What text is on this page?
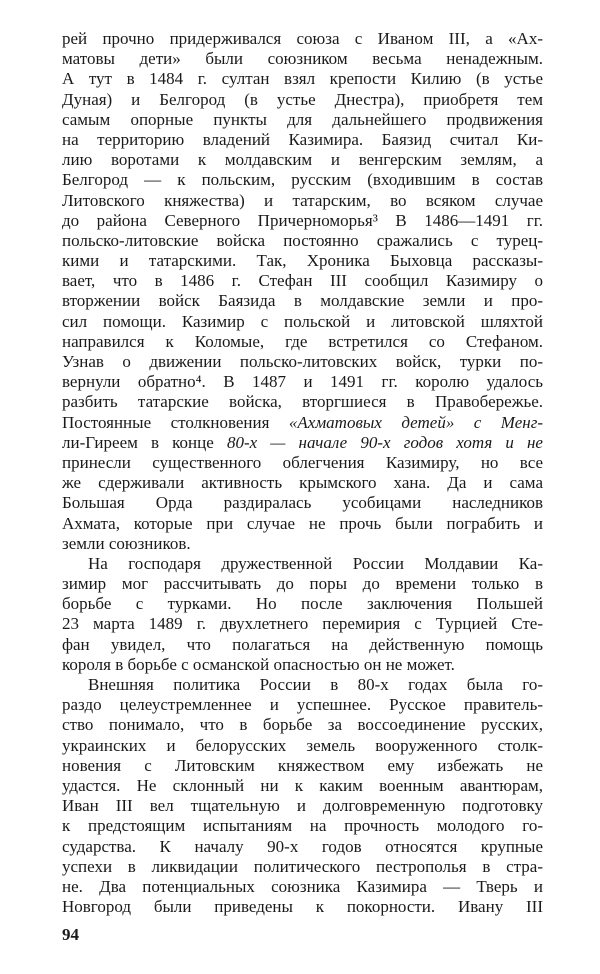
рей прочно придерживался союза с Иваном III, а «Ах-
матовы дети» были союзником весьма ненадежным.
А тут в 1484 г. султан взял крепости Килию (в устье
Дуная) и Белгород (в устье Днестра), приобретя тем
самым опорные пункты для дальнейшего продвижения
на территорию владений Казимира. Баязид считал Ки-
лию воротами к молдавским и венгерским землям, а
Белгород — к польским, русским (входившим в состав
Литовского княжества) и татарским, во всяком случае
до района Северного Причерноморья³ В 1486—1491 гг.
польско-литовские войска постоянно сражались с турец-
кими и татарскими. Так, Хроника Быховца рассказы-
вает, что в 1486 г. Стефан III сообщил Казимиру о
вторжении войск Баязида в молдавские земли и про-
сил помощи. Казимир с польской и литовской шляхтой
направился к Коломые, где встретился со Стефаном.
Узнав о движении польско-литовских войск, турки по-
вернули обратно⁴. В 1487 и 1491 гг. королю удалось
разбить татарские войска, вторгшиеся в Правобережье.
Постоянные столкновения «Ахматовых детей» с Менг-
ли-Гиреем в конце 80-х — начале 90-х годов хотя и не
принесли существенного облегчения Казимиру, но все
же сдерживали активность крымского хана. Да и сама
Большая Орда раздиралась усобицами наследников
Ахмата, которые при случае не прочь были пограбить и
земли союзников.
На господаря дружественной России Молдавии Ка-
зимир мог рассчитывать до поры до времени только в
борьбе с турками. Но после заключения Польшей
23 марта 1489 г. двухлетнего перемирия с Турцией Сте-
фан увидел, что полагаться на действенную помощь
короля в борьбе с османской опасностью он не может.
Внешняя политика России в 80-х годах была го-
раздо целеустремленнее и успешнее. Русское правитель-
ство понимало, что в борьбе за воссоединение русских,
украинских и белорусских земель вооруженного столк-
новения с Литовским княжеством ему избежать не
удастся. Не склонный ни к каким военным авантюрам,
Иван III вел тщательную и долговременную подготовку
к предстоящим испытаниям на прочность молодого го-
сударства. К началу 90-х годов относятся крупные
успехи в ликвидации политического пестрополья в стра-
не. Два потенциальных союзника Казимира — Тверь и
Новгород были приведены к покорности. Ивану III
94
